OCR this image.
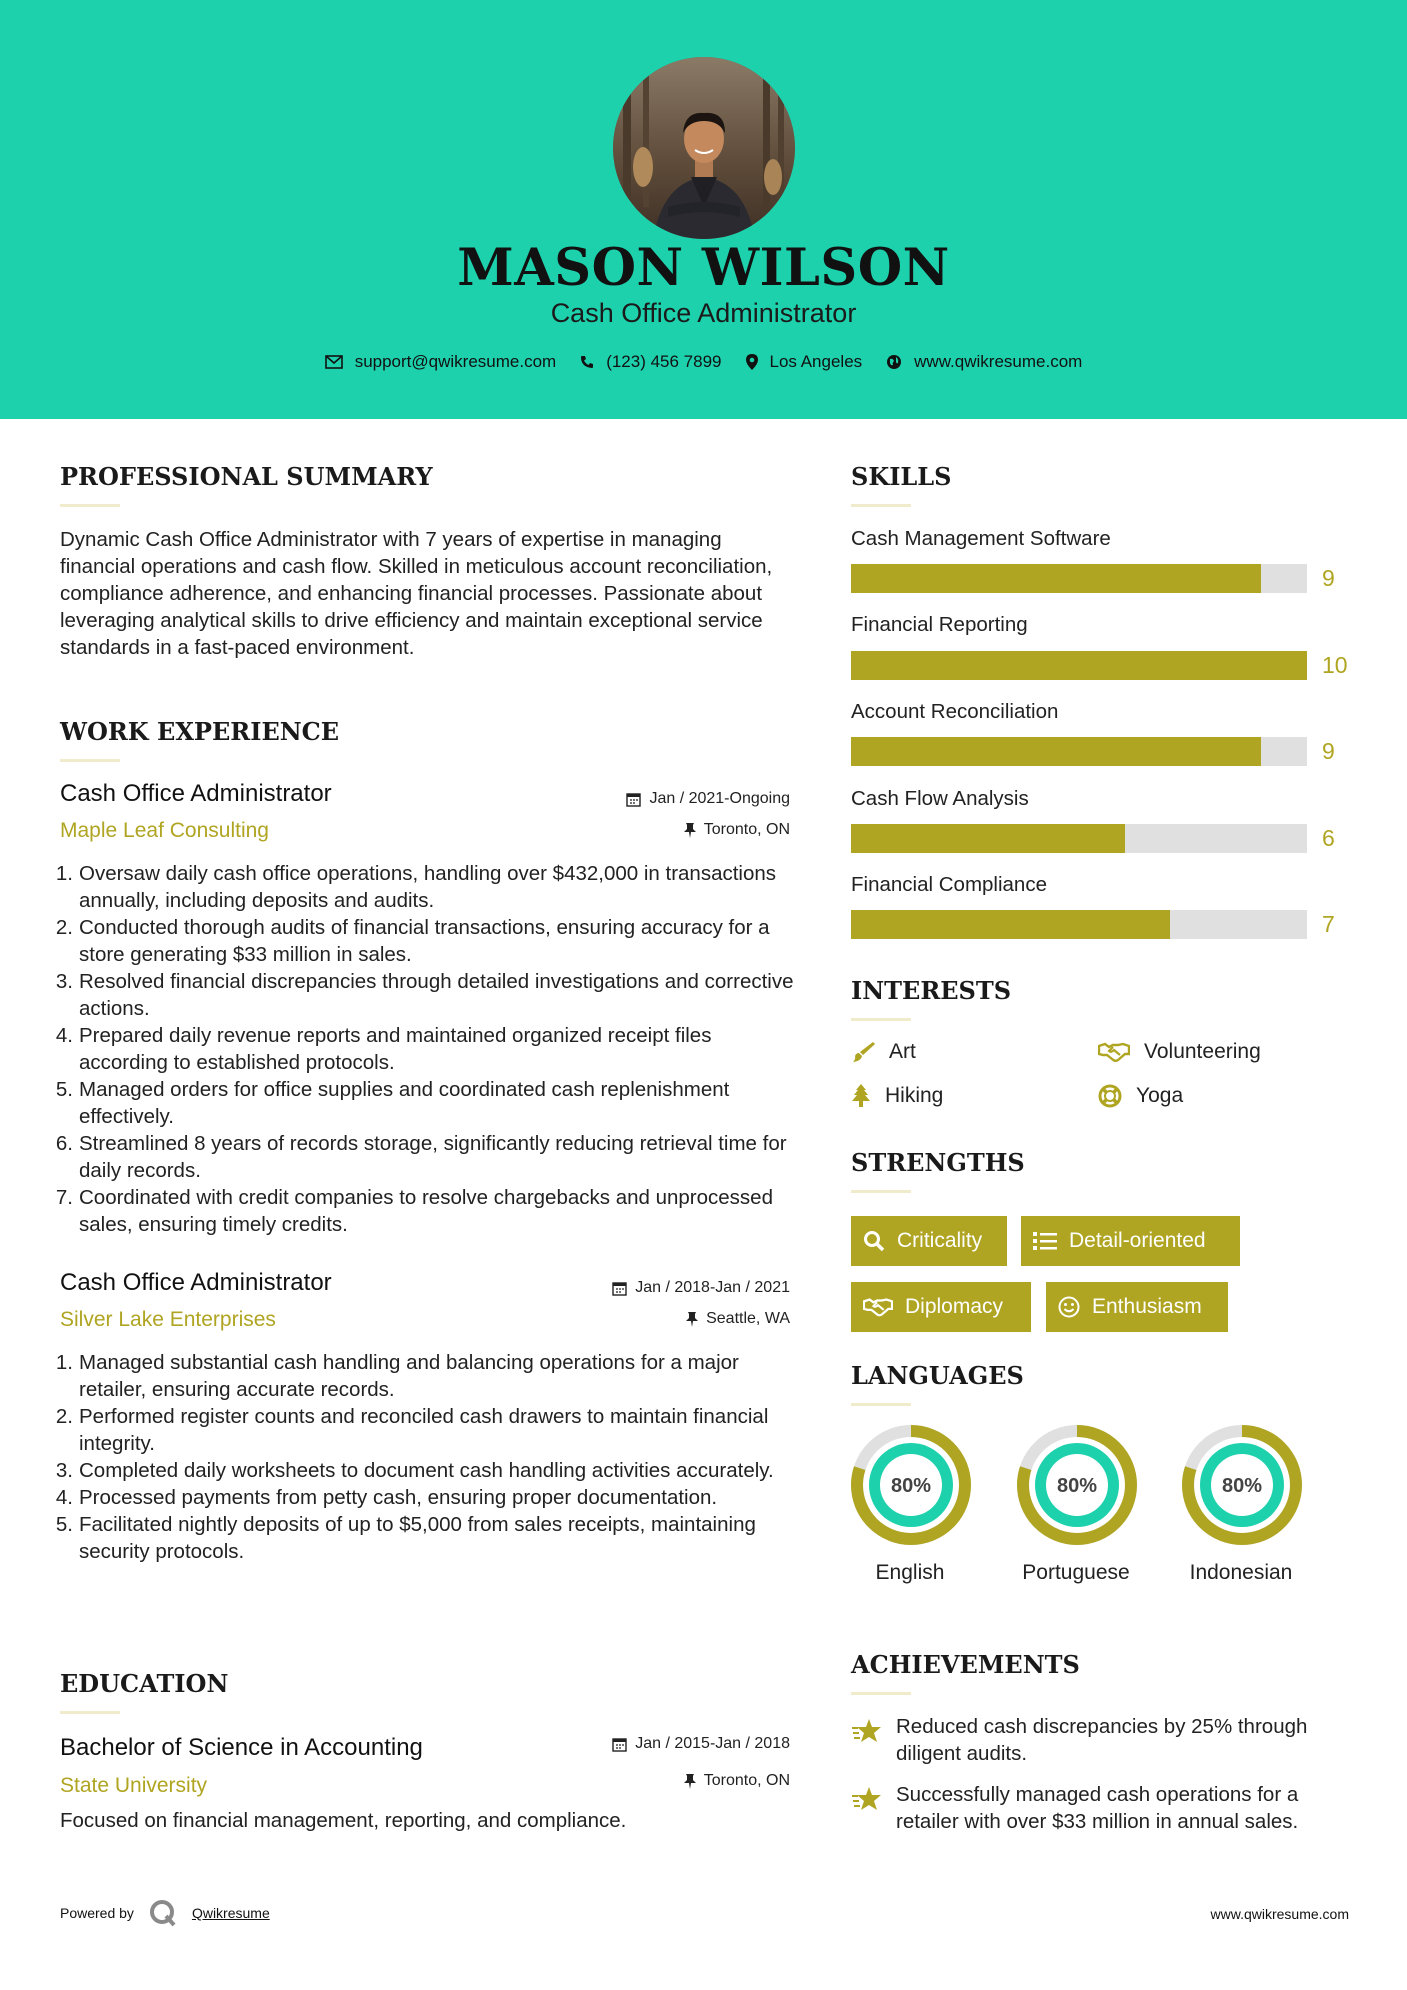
MASON WILSON
Cash Office Administrator
support@qwikresume.com	(123) 456 7899	Los Angeles	www.qwikresume.com
PROFESSIONAL SUMMARY
Dynamic Cash Office Administrator with 7 years of expertise in managing financial operations and cash flow. Skilled in meticulous account reconciliation, compliance adherence, and enhancing financial processes. Passionate about leveraging analytical skills to drive efficiency and maintain exceptional service standards in a fast-paced environment.
WORK EXPERIENCE
Cash Office Administrator
Maple Leaf Consulting
Jan / 2021-Ongoing
Toronto, ON
1. Oversaw daily cash office operations, handling over $432,000 in transactions annually, including deposits and audits.
2. Conducted thorough audits of financial transactions, ensuring accuracy for a store generating $33 million in sales.
3. Resolved financial discrepancies through detailed investigations and corrective actions.
4. Prepared daily revenue reports and maintained organized receipt files according to established protocols.
5. Managed orders for office supplies and coordinated cash replenishment effectively.
6. Streamlined 8 years of records storage, significantly reducing retrieval time for daily records.
7. Coordinated with credit companies to resolve chargebacks and unprocessed sales, ensuring timely credits.
Cash Office Administrator
Silver Lake Enterprises
Jan / 2018-Jan / 2021
Seattle, WA
1. Managed substantial cash handling and balancing operations for a major retailer, ensuring accurate records.
2. Performed register counts and reconciled cash drawers to maintain financial integrity.
3. Completed daily worksheets to document cash handling activities accurately.
4. Processed payments from petty cash, ensuring proper documentation.
5. Facilitated nightly deposits of up to $5,000 from sales receipts, maintaining security protocols.
EDUCATION
Bachelor of Science in Accounting
State University
Jan / 2015-Jan / 2018
Toronto, ON
Focused on financial management, reporting, and compliance.
SKILLS
Cash Management Software
9
Financial Reporting
10
Account Reconciliation
9
Cash Flow Analysis
6
Financial Compliance
7
INTERESTS
Art	Volunteering
Hiking	Yoga
STRENGTHS
Criticality	Detail-oriented
Diplomacy	Enthusiasm
LANGUAGES
80%
English
80%
Portuguese
80%
Indonesian
ACHIEVEMENTS
Reduced cash discrepancies by 25% through diligent audits.
Successfully managed cash operations for a retailer with over $33 million in annual sales.
Powered by	Qwikresume	www.qwikresume.com
